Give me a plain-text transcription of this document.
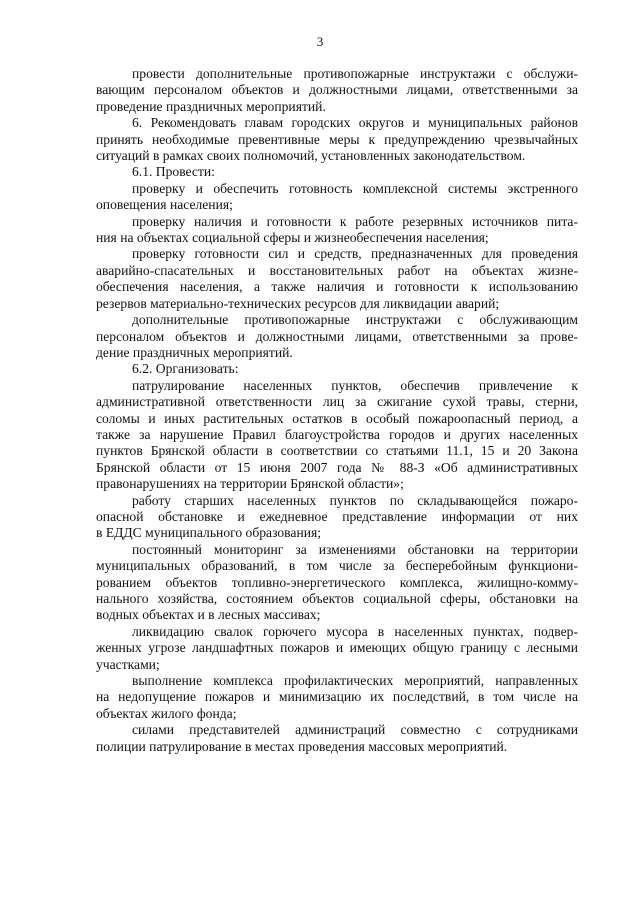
3

провести дополнительные противопожарные инструктажи с обслужи-
вающим персоналом объектов и должностными лицами, ответственными за
проведение праздничных мероприятий.

6. Рекомендовать главам городских округов и муниципальных районов
принять необходимые превентивные меры к предупреждению чрезвычайных
ситуаций в рамках своих полномочий, установленных законодательством.

6.1. Провести:

проверку и обеспечить готовность комплексной системы экстренного
оповещения населения;

проверку наличия и готовности к работе резервных источников пита-
ния на объектах социальной сферы и жизнеобеспечения населения;

проверку готовности сил и средств, предназначенных для проведения
аварийно-спасательных и восстановительных работ на объектах жизне-
обеспечения населения, а также наличия и готовности к использованию
резервов материально-технических ресурсов для ликвидации аварий;

дополнительные противопожарные инструктажи с обслуживающим
персоналом объектов и должностными лицами, ответственными за прове-
дение праздничных мероприятий.

6.2. Организовать:

патрулирование населенных пунктов, обеспечив привлечение к
административной ответственности лиц за сжигание сухой травы, стерни,
соломы и иных растительных остатков в особый пожароопасный период, а
также за нарушение Правил благоустройства городов и других населенных
пунктов Брянской области в соответствии со статьями 11.1, 15 и 20 Закона
Брянской области от 15 июня 2007 года № 88-З «Об административных
правонарушениях на территории Брянской области»;

работу старших населенных пунктов по складывающейся пожаро-
опасной обстановке и ежедневное представление информации от них
в ЕДДС муниципального образования;

постоянный мониторинг за изменениями обстановки на территории
муниципальных образований, в том числе за бесперебойным функциони-
рованием объектов топливно-энергетического комплекса, жилищно-комму-
нального хозяйства, состоянием объектов социальной сферы, обстановки на
водных объектах и в лесных массивах;

ликвидацию свалок горючего мусора в населенных пунктах, подвер-
женных угрозе ландшафтных пожаров и имеющих общую границу с лесными
участками;

выполнение комплекса профилактических мероприятий, направленных
на недопущение пожаров и минимизацию их последствий, в том числе на
объектах жилого фонда;

силами представителей администраций совместно с сотрудниками
полиции патрулирование в местах проведения массовых мероприятий.
